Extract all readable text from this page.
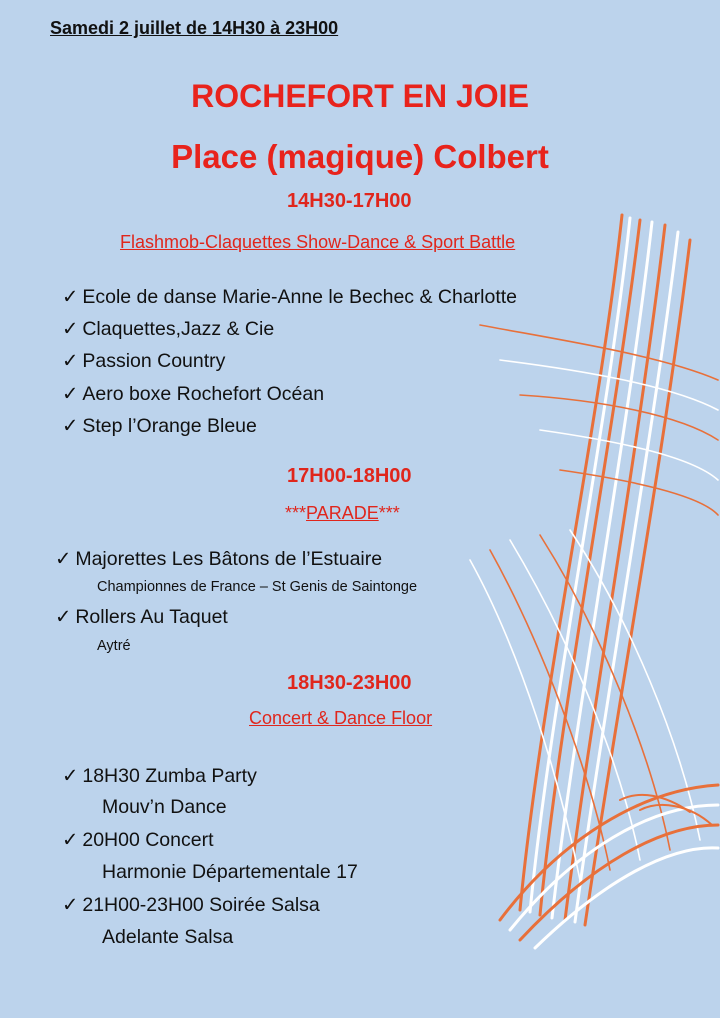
Samedi 2 juillet de 14H30 à 23H00
ROCHEFORT EN JOIE
Place (magique) Colbert
14H30-17H00
Flashmob-Claquettes Show-Dance & Sport Battle
✓ Ecole de danse Marie-Anne le Bechec & Charlotte
✓ Claquettes,Jazz & Cie
✓ Passion Country
✓ Aero boxe Rochefort Océan
✓ Step l’Orange Bleue
17H00-18H00
***PARADE***
✓ Majorettes Les Bâtons de l’Estuaire
Championnes de France – St Genis de Saintonge
✓ Rollers Au Taquet
Aytré
18H30-23H00
Concert & Dance Floor
✓ 18H30 Zumba Party
Mouv’n Dance
✓ 20H00 Concert
Harmonie Départementale 17
✓ 21H00-23H00 Soirée Salsa
Adelante Salsa
